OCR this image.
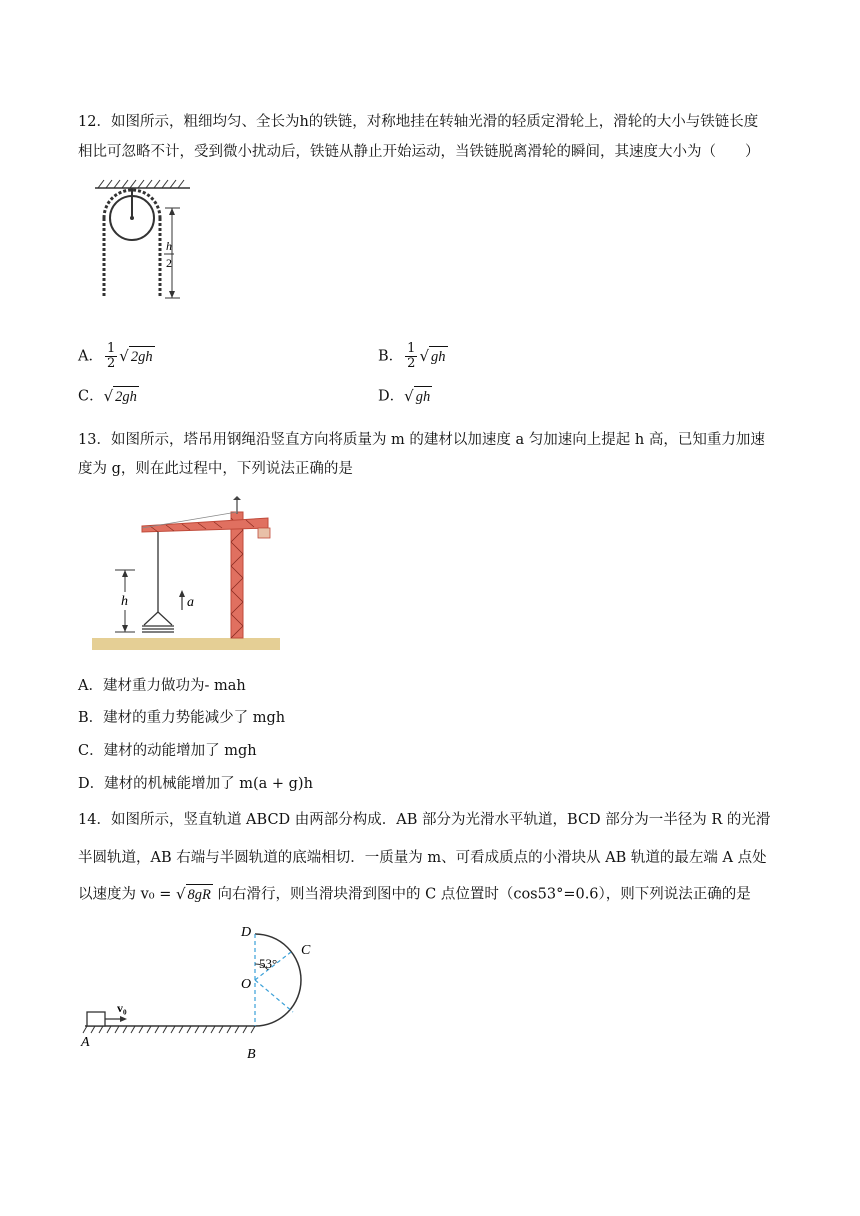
12．如图所示，粗细均匀、全长为h的铁链，对称地挂在转轴光滑的轻质定滑轮上，滑轮的大小与铁链长度
相比可忽略不计，受到微小扰动后，铁链从静止开始运动，当铁链脱离滑轮的瞬间，其速度大小为（　　）
h
2
A． $\frac{1}{2}$ √ 2gh	B． $\frac{1}{2}$ √ gh
C．√ 2gh	D．√ gh
13．如图所示，塔吊用钢绳沿竖直方向将质量为 m 的建材以加速度 a 匀加速向上提起 h 高，已知重力加速
度为 g，则在此过程中，下列说法正确的是
h	a
A．建材重力做功为- mah
B．建材的重力势能减少了 mgh
C．建材的动能增加了 mgh
D．建材的机械能增加了 m(a + g)h
14．如图所示，竖直轨道 ABCD 由两部分构成．AB 部分为光滑水平轨道，BCD 部分为一半径为 R 的光滑
半圆轨道，AB 右端与半圆轨道的底端相切．一质量为 m、可看成质点的小滑块从 AB 轨道的最左端 A 点处
以速度为 v₀ = √ 8gR 向右滑行，则当滑块滑到图中的 C 点位置时（cos53°=0.6），则下列说法正确的是
D
C
O
53°
v₀
A
B
